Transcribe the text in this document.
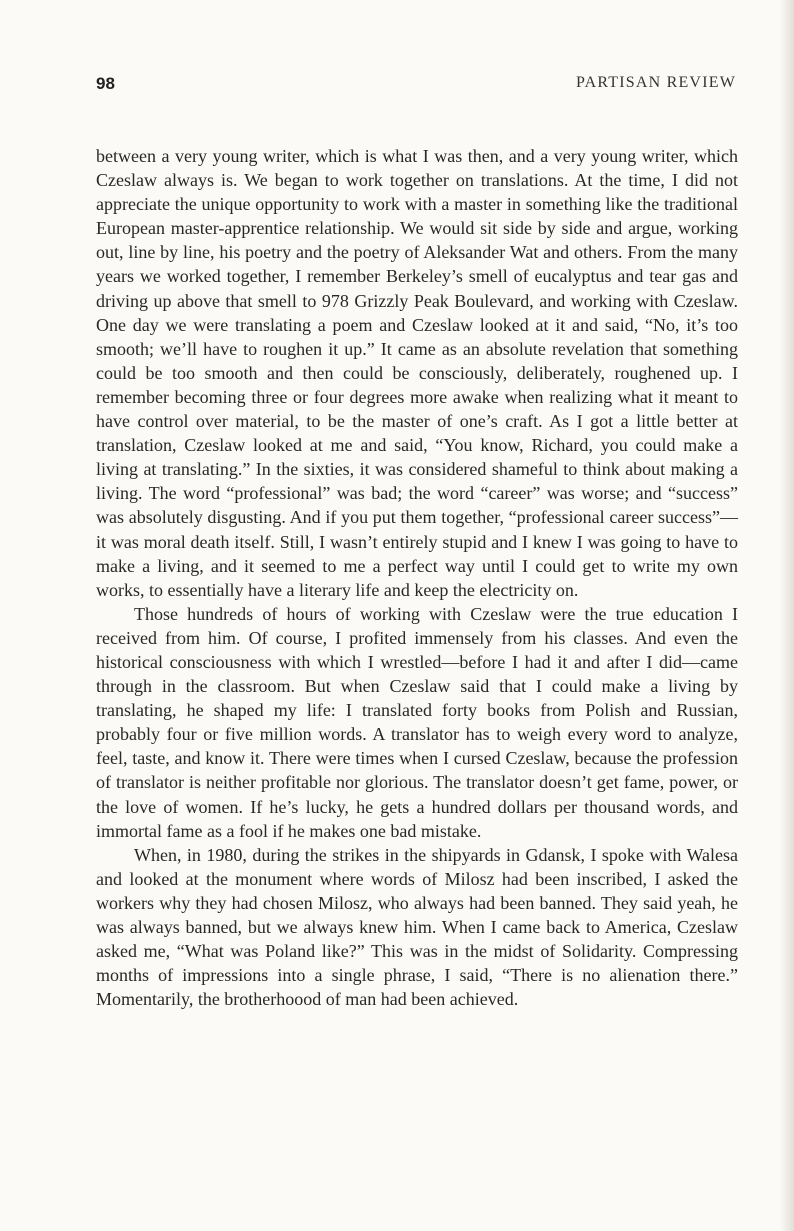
98	PARTISAN REVIEW

between a very young writer, which is what I was then, and a very young writer, which Czeslaw always is. We began to work together on translations. At the time, I did not appreciate the unique opportunity to work with a master in something like the traditional European master-apprentice relationship. We would sit side by side and argue, working out, line by line, his poetry and the poetry of Aleksander Wat and others. From the many years we worked together, I remember Berkeley’s smell of eucalyptus and tear gas and driving up above that smell to 978 Grizzly Peak Boulevard, and working with Czeslaw. One day we were translating a poem and Czeslaw looked at it and said, “No, it’s too smooth; we’ll have to roughen it up.” It came as an absolute revelation that something could be too smooth and then could be consciously, deliberately, roughened up. I remember becoming three or four degrees more awake when realizing what it meant to have control over material, to be the master of one’s craft. As I got a little better at translation, Czeslaw looked at me and said, “You know, Richard, you could make a living at translating.” In the sixties, it was considered shameful to think about making a living. The word “professional” was bad; the word “career” was worse; and “success” was absolutely disgusting. And if you put them together, “professional career success”—it was moral death itself. Still, I wasn’t entirely stupid and I knew I was going to have to make a living, and it seemed to me a perfect way until I could get to write my own works, to essentially have a literary life and keep the electricity on.

Those hundreds of hours of working with Czeslaw were the true education I received from him. Of course, I profited immensely from his classes. And even the historical consciousness with which I wrestled—before I had it and after I did—came through in the classroom. But when Czeslaw said that I could make a living by translating, he shaped my life: I translated forty books from Polish and Russian, probably four or five million words. A translator has to weigh every word to analyze, feel, taste, and know it. There were times when I cursed Czeslaw, because the profession of translator is neither profitable nor glorious. The translator doesn’t get fame, power, or the love of women. If he’s lucky, he gets a hundred dollars per thousand words, and immortal fame as a fool if he makes one bad mistake.

When, in 1980, during the strikes in the shipyards in Gdansk, I spoke with Walesa and looked at the monument where words of Milosz had been inscribed, I asked the workers why they had chosen Milosz, who always had been banned. They said yeah, he was always banned, but we always knew him. When I came back to America, Czeslaw asked me, “What was Poland like?” This was in the midst of Solidarity. Compressing months of impressions into a single phrase, I said, “There is no alienation there.” Momentarily, the brotherhoood of man had been achieved.
